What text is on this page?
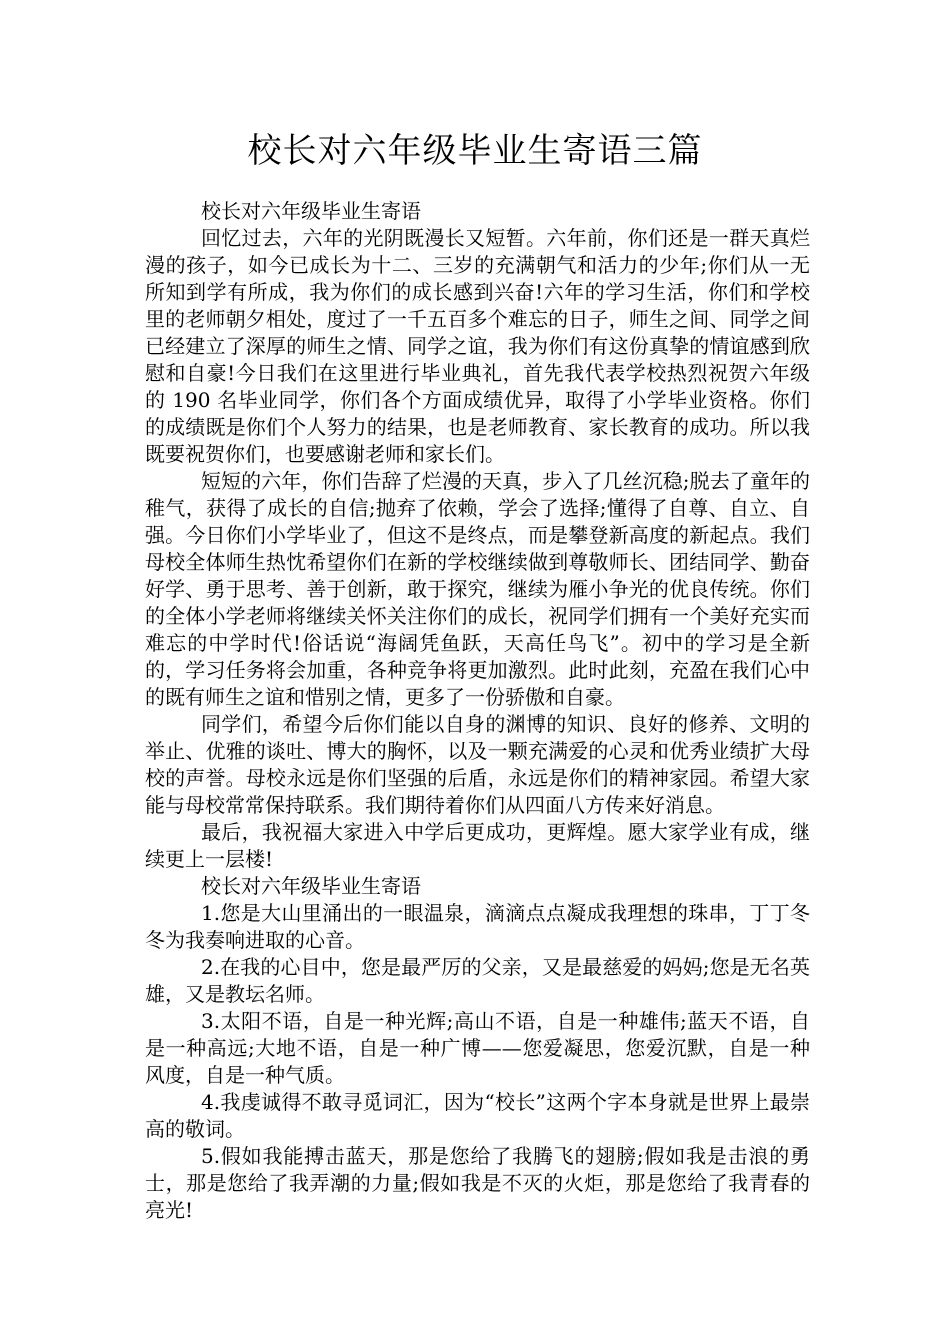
校长对六年级毕业生寄语三篇

校长对六年级毕业生寄语

回忆过去，六年的光阴既漫长又短暂。六年前，你们还是一群天真烂漫的孩子，如今已成长为十二、三岁的充满朝气和活力的少年;你们从一无所知到学有所成，我为你们的成长感到兴奋!六年的学习生活，你们和学校里的老师朝夕相处，度过了一千五百多个难忘的日子，师生之间、同学之间已经建立了深厚的师生之情、同学之谊，我为你们有这份真挚的情谊感到欣慰和自豪!今日我们在这里进行毕业典礼，首先我代表学校热烈祝贺六年级的 190 名毕业同学，你们各个方面成绩优异，取得了小学毕业资格。你们的成绩既是你们个人努力的结果，也是老师教育、家长教育的成功。所以我既要祝贺你们，也要感谢老师和家长们。

短短的六年，你们告辞了烂漫的天真，步入了几丝沉稳;脱去了童年的稚气，获得了成长的自信;抛弃了依赖，学会了选择;懂得了自尊、自立、自强。今日你们小学毕业了，但这不是终点，而是攀登新高度的新起点。我们母校全体师生热忱希望你们在新的学校继续做到尊敬师长、团结同学、勤奋好学、勇于思考、善于创新，敢于探究，继续为雁小争光的优良传统。你们的全体小学老师将继续关怀关注你们的成长，祝同学们拥有一个美好充实而难忘的中学时代!俗话说“海阔凭鱼跃，天高任鸟飞”。初中的学习是全新的，学习任务将会加重，各种竞争将更加激烈。此时此刻，充盈在我们心中的既有师生之谊和惜别之情，更多了一份骄傲和自豪。

同学们，希望今后你们能以自身的渊博的知识、良好的修养、文明的举止、优雅的谈吐、博大的胸怀，以及一颗充满爱的心灵和优秀业绩扩大母校的声誉。母校永远是你们坚强的后盾，永远是你们的精神家园。希望大家能与母校常常保持联系。我们期待着你们从四面八方传来好消息。

最后，我祝福大家进入中学后更成功，更辉煌。愿大家学业有成，继续更上一层楼!

校长对六年级毕业生寄语

1.您是大山里涌出的一眼温泉，滴滴点点凝成我理想的珠串，丁丁冬冬为我奏响进取的心音。

2.在我的心目中，您是最严厉的父亲，又是最慈爱的妈妈;您是无名英雄，又是教坛名师。

3.太阳不语，自是一种光辉;高山不语，自是一种雄伟;蓝天不语，自是一种高远;大地不语，自是一种广博——您爱凝思，您爱沉默，自是一种风度，自是一种气质。

4.我虔诚得不敢寻觅词汇，因为“校长”这两个字本身就是世界上最崇高的敬词。

5.假如我能搏击蓝天，那是您给了我腾飞的翅膀;假如我是击浪的勇士，那是您给了我弄潮的力量;假如我是不灭的火炬，那是您给了我青春的亮光!
